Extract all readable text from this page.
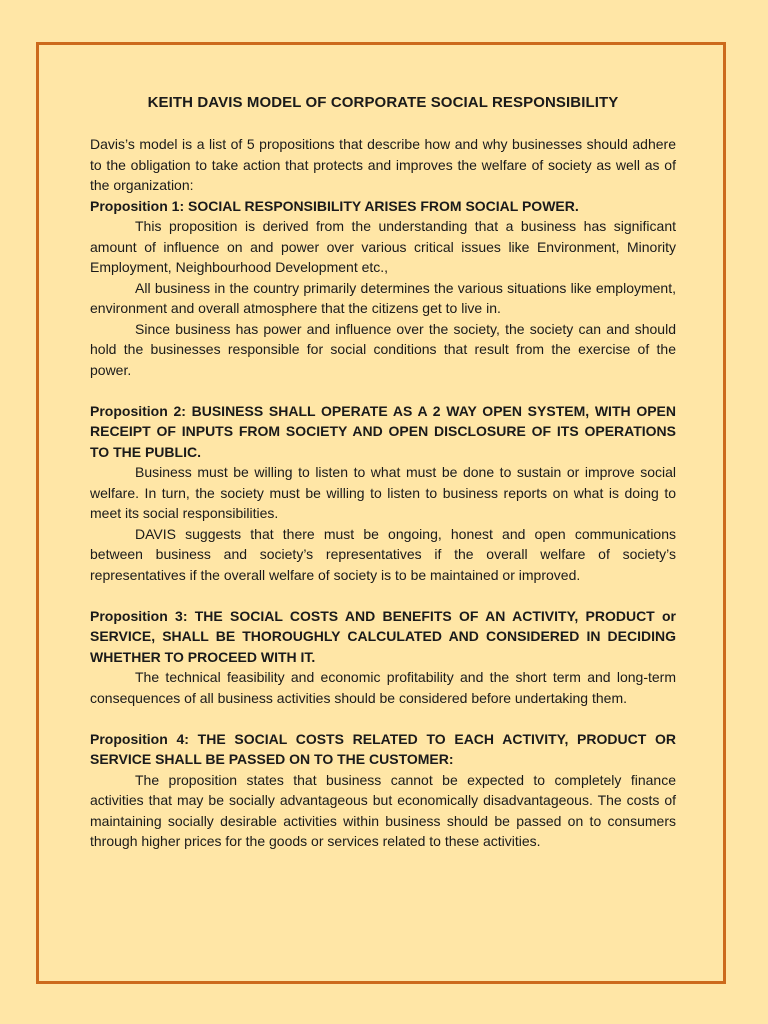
KEITH DAVIS MODEL OF CORPORATE SOCIAL RESPONSIBILITY

Davis’s model is a list of 5 propositions that describe how and why businesses should adhere to the obligation to take action that protects and improves the welfare of society as well as of the organization:

Proposition 1: SOCIAL RESPONSIBILITY ARISES FROM SOCIAL POWER.

This proposition is derived from the understanding that a business has significant amount of influence on and power over various critical issues like Environment, Minority Employment, Neighbourhood Development etc.,

All business in the country primarily determines the various situations like employment, environment and overall atmosphere that the citizens get to live in.

Since business has power and influence over the society, the society can and should hold the businesses responsible for social conditions that result from the exercise of the power.

Proposition 2: BUSINESS SHALL OPERATE AS A 2 WAY OPEN SYSTEM, WITH OPEN RECEIPT OF INPUTS FROM SOCIETY AND OPEN DISCLOSURE OF ITS OPERATIONS TO THE PUBLIC.

Business must be willing to listen to what must be done to sustain or improve social welfare. In turn, the society must be willing to listen to business reports on what is doing to meet its social responsibilities.

DAVIS suggests that there must be ongoing, honest and open communications between business and society’s representatives if the overall welfare of society’s representatives if the overall welfare of society is to be maintained or improved.

Proposition 3: THE SOCIAL COSTS AND BENEFITS OF AN ACTIVITY, PRODUCT or SERVICE, SHALL BE THOROUGHLY CALCULATED AND CONSIDERED IN DECIDING WHETHER TO PROCEED WITH IT.

The technical feasibility and economic profitability and the short term and long-term consequences of all business activities should be considered before undertaking them.

Proposition 4: THE SOCIAL COSTS RELATED TO EACH ACTIVITY, PRODUCT OR SERVICE SHALL BE PASSED ON TO THE CUSTOMER:

The proposition states that business cannot be expected to completely finance activities that may be socially advantageous but economically disadvantageous. The costs of maintaining socially desirable activities within business should be passed on to consumers through higher prices for the goods or services related to these activities.
